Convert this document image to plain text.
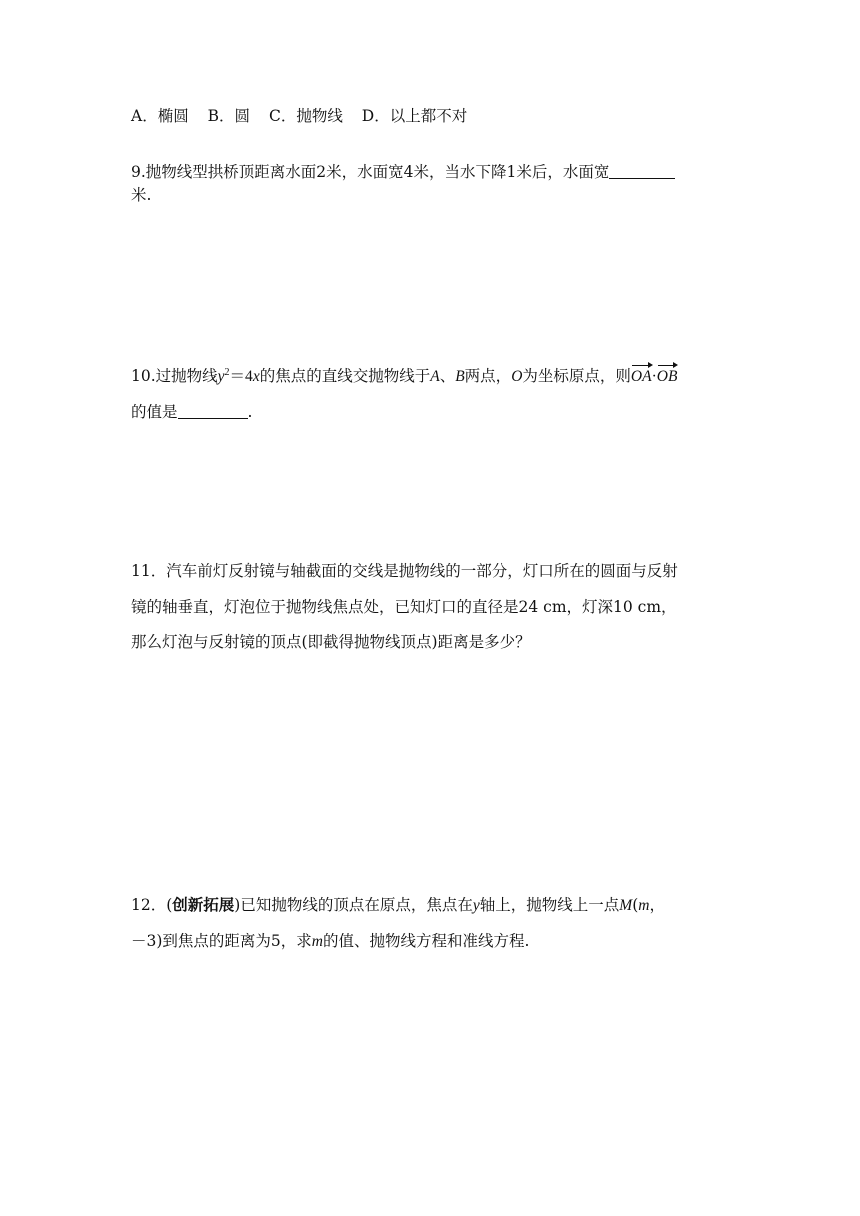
A．椭圆 B．圆 C．抛物线 D．以上都不对
9.抛物线型拱桥顶距离水面2米，水面宽4米，当水下降1米后，水面宽
米.
10.过抛物线$y^2=4x$的焦点的直线交抛物线于A、B两点，O为坐标原点，则OA·OB
的值是	.
11．汽车前灯反射镜与轴截面的交线是抛物线的一部分，灯口所在的圆面与反射
镜的轴垂直，灯泡位于抛物线焦点处，已知灯口的直径是24 cm，灯深10 cm，
那么灯泡与反射镜的顶点(即截得抛物线顶点)距离是多少？
12．(创新拓展)已知抛物线的顶点在原点，焦点在y轴上，抛物线上一点M(m，
－3)到焦点的距离为5，求m的值、抛物线方程和准线方程.
